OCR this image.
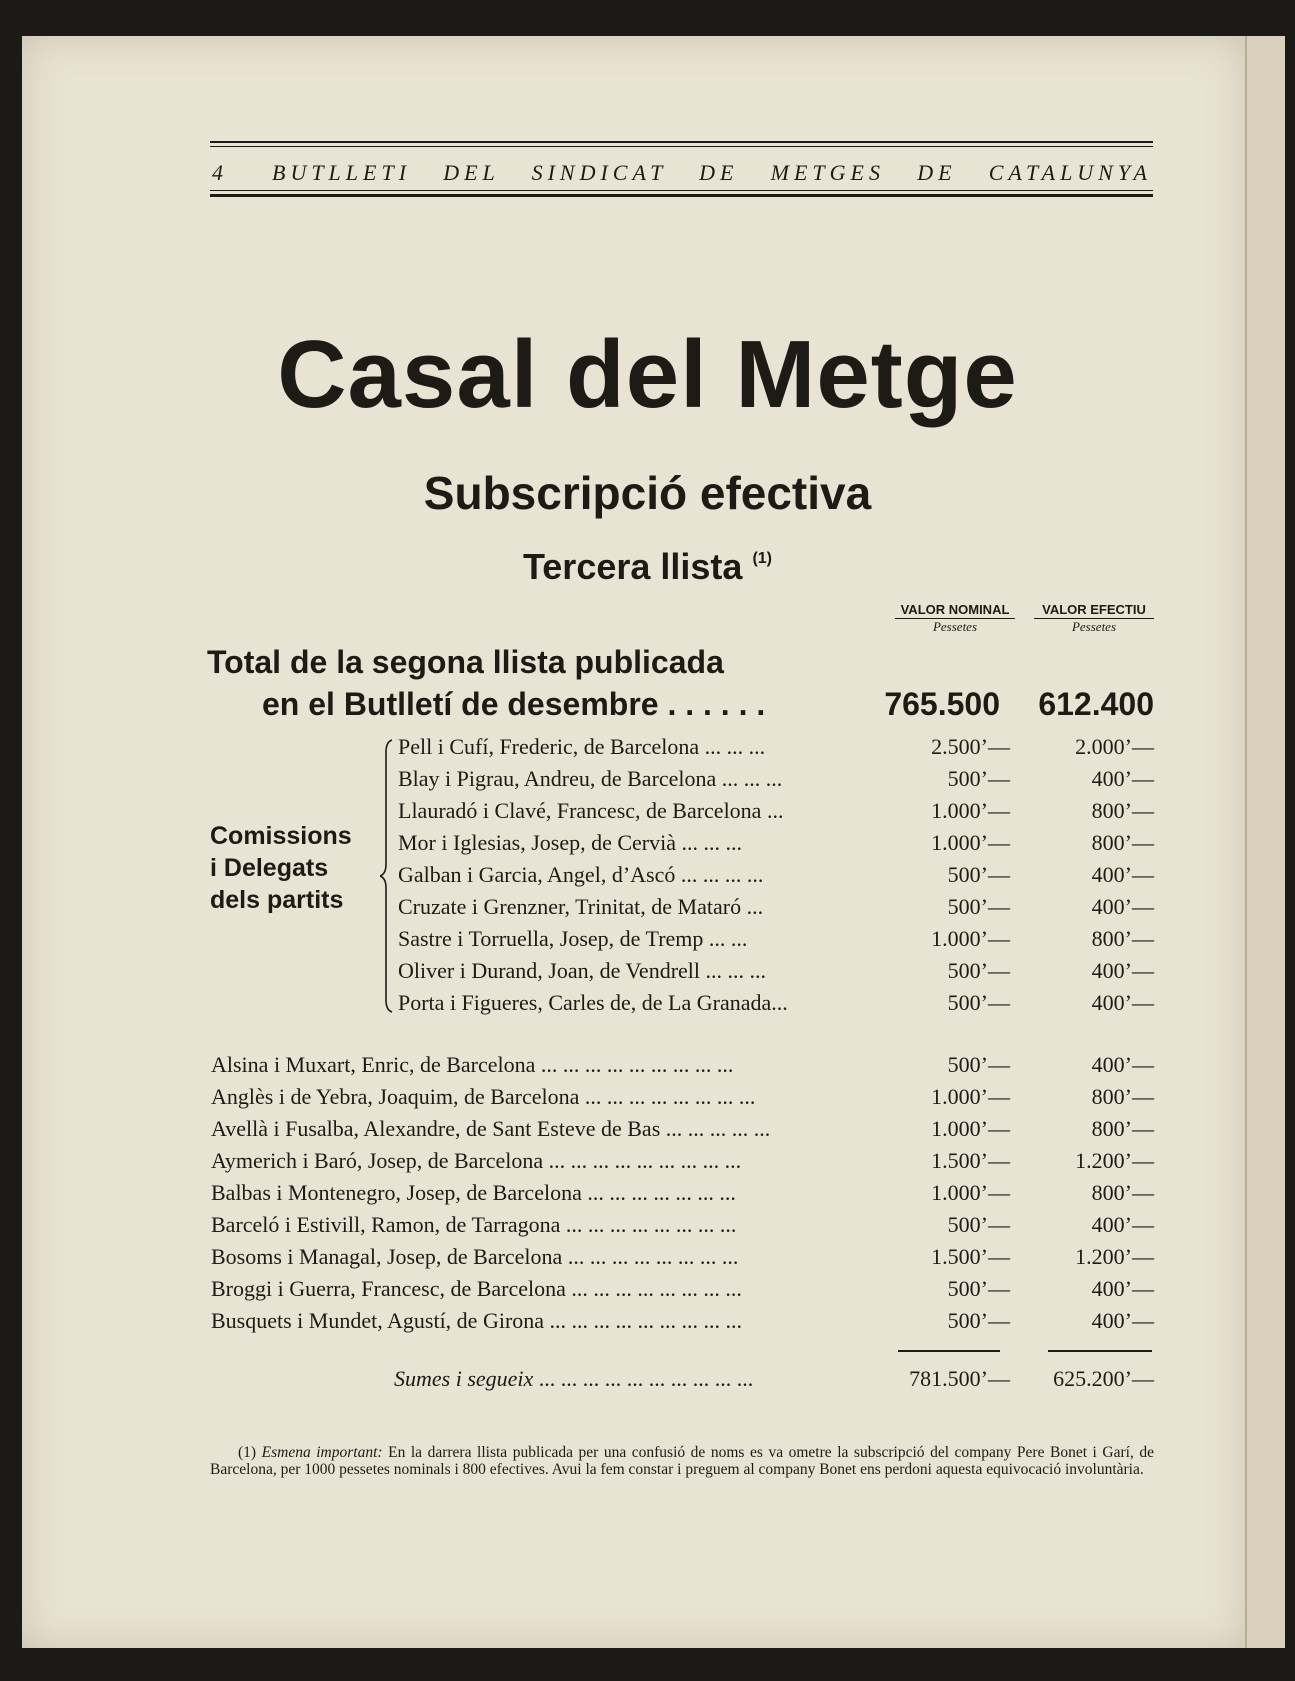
4 BUTLLETI DEL SINDICAT DE METGES DE CATALUNYA
Casal del Metge
Subscripció efectiva
Tercera llista $^{(1)}$
VALOR NOMINAL
Pessetes
VALOR EFECTIU
Pessetes
Total de la segona llista publicada
en el Butlletí de desembre . . . . . .	765.500	612.400
Comissions
i Delegats
dels partits
Pell i Cufí, Frederic, de Barcelona ... ... ...	2.500’—	2.000’—
Blay i Pigrau, Andreu, de Barcelona ... ... ...	500’—	400’—
Llauradó i Clavé, Francesc, de Barcelona ...	1.000’—	800’—
Mor i Iglesias, Josep, de Cervià ... ... ...	1.000’—	800’—
Galban i Garcia, Angel, d’Ascó ... ... ... ...	500’—	400’—
Cruzate i Grenzner, Trinitat, de Mataró ...	500’—	400’—
Sastre i Torruella, Josep, de Tremp ... ...	1.000’—	800’—
Oliver i Durand, Joan, de Vendrell ... ... ...	500’—	400’—
Porta i Figueres, Carles de, de La Granada...	500’—	400’—
Alsina i Muxart, Enric, de Barcelona ... ... ... ... ... ... ... ... ...	500’—	400’—
Anglès i de Yebra, Joaquim, de Barcelona ... ... ... ... ... ... ... ...	1.000’—	800’—
Avellà i Fusalba, Alexandre, de Sant Esteve de Bas ... ... ... ... ...	1.000’—	800’—
Aymerich i Baró, Josep, de Barcelona ... ... ... ... ... ... ... ... ...	1.500’—	1.200’—
Balbas i Montenegro, Josep, de Barcelona ... ... ... ... ... ... ...	1.000’—	800’—
Barceló i Estivill, Ramon, de Tarragona ... ... ... ... ... ... ... ...	500’—	400’—
Bosoms i Managal, Josep, de Barcelona ... ... ... ... ... ... ... ...	1.500’—	1.200’—
Broggi i Guerra, Francesc, de Barcelona ... ... ... ... ... ... ... ...	500’—	400’—
Busquets i Mundet, Agustí, de Girona ... ... ... ... ... ... ... ... ...	500’—	400’—
Sumes i segueix ... ... ... ... ... ... ... ... ... ...	781.500’—	625.200’—
(1) Esmena important: En la darrera llista publicada per una confusió de noms es va ometre la subscripció del company Pere Bonet i Garí, de Barcelona, per 1000 pessetes nominals i 800 efectives. Avui la fem constar i preguem al company Bonet ens perdoni aquesta equivocació involuntària.
